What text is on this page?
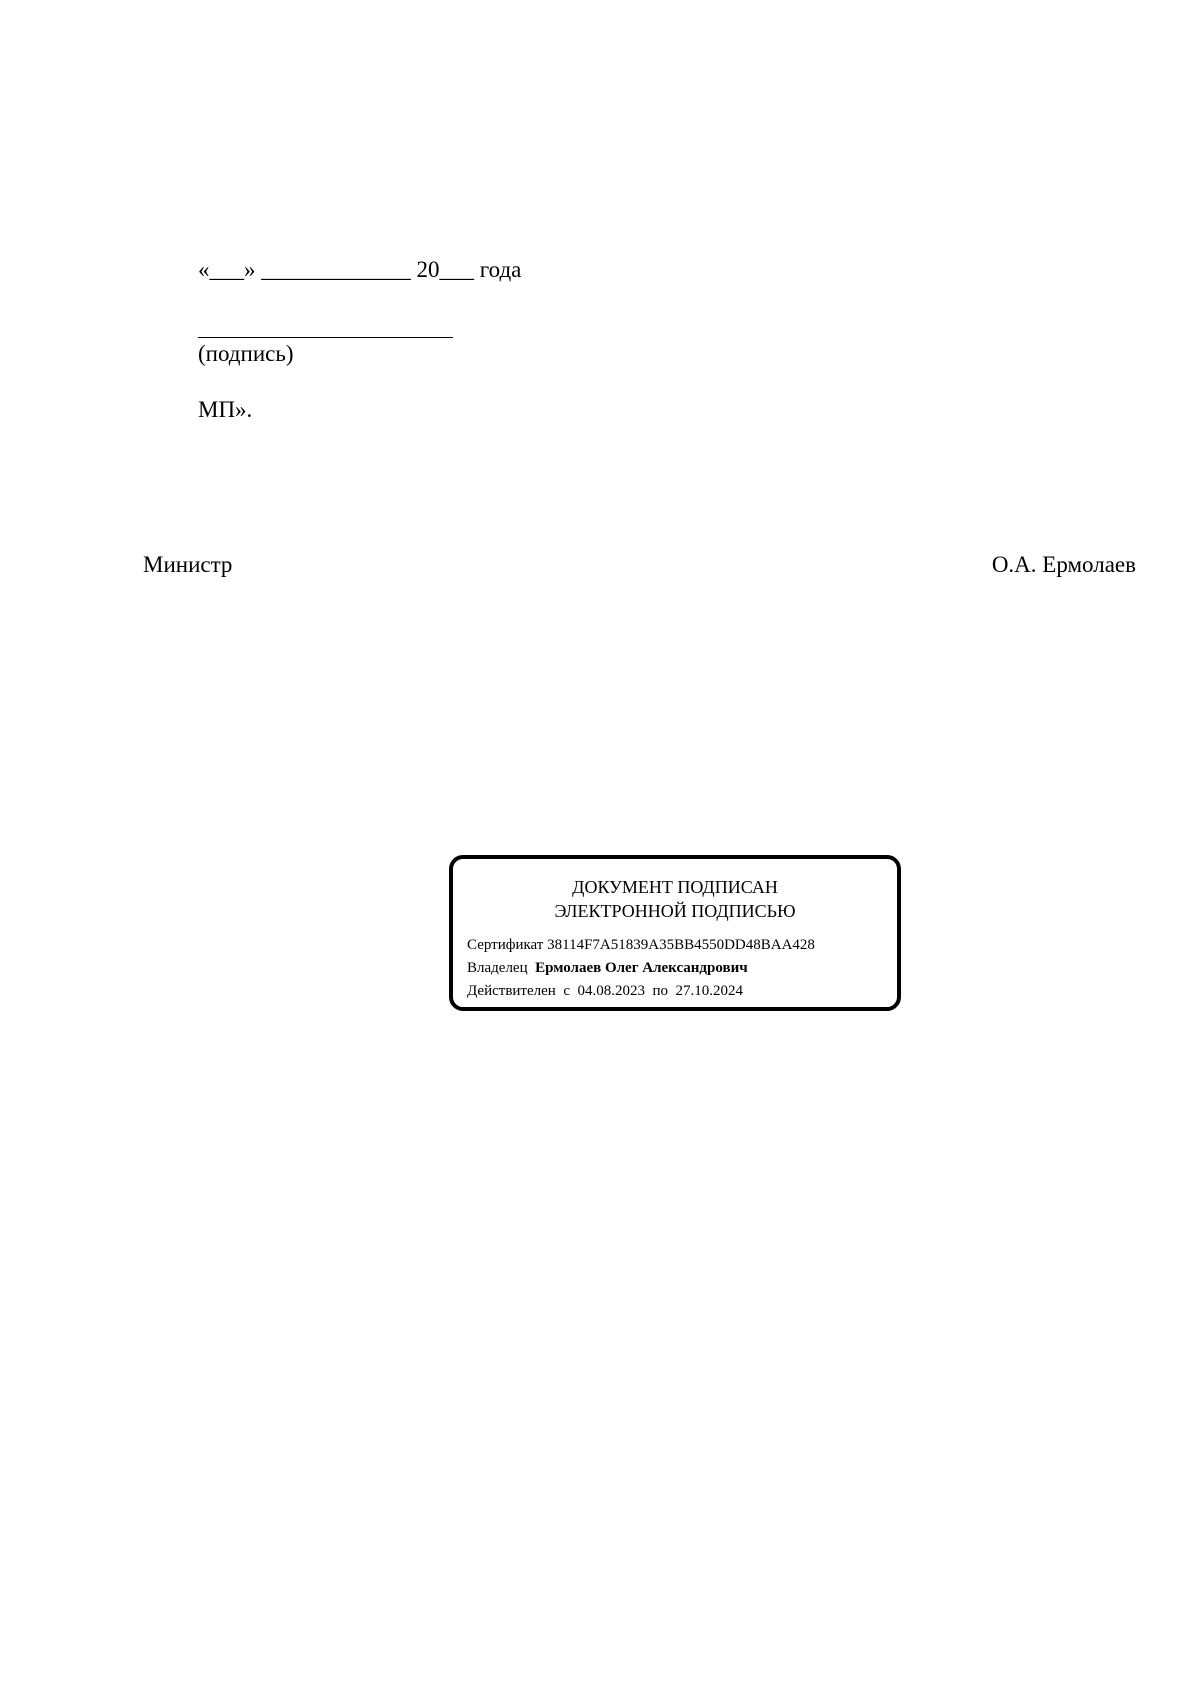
«___» _____________ 20___ года
(подпись)
МП».
Министр	О.А. Ермолаев
ДОКУМЕНТ ПОДПИСАН
ЭЛЕКТРОННОЙ ПОДПИСЬЮ
Сертификат 38114F7A51839A35BB4550DD48BAA428
Владелец Ермолаев Олег Александрович
Действителен с 04.08.2023 по 27.10.2024
